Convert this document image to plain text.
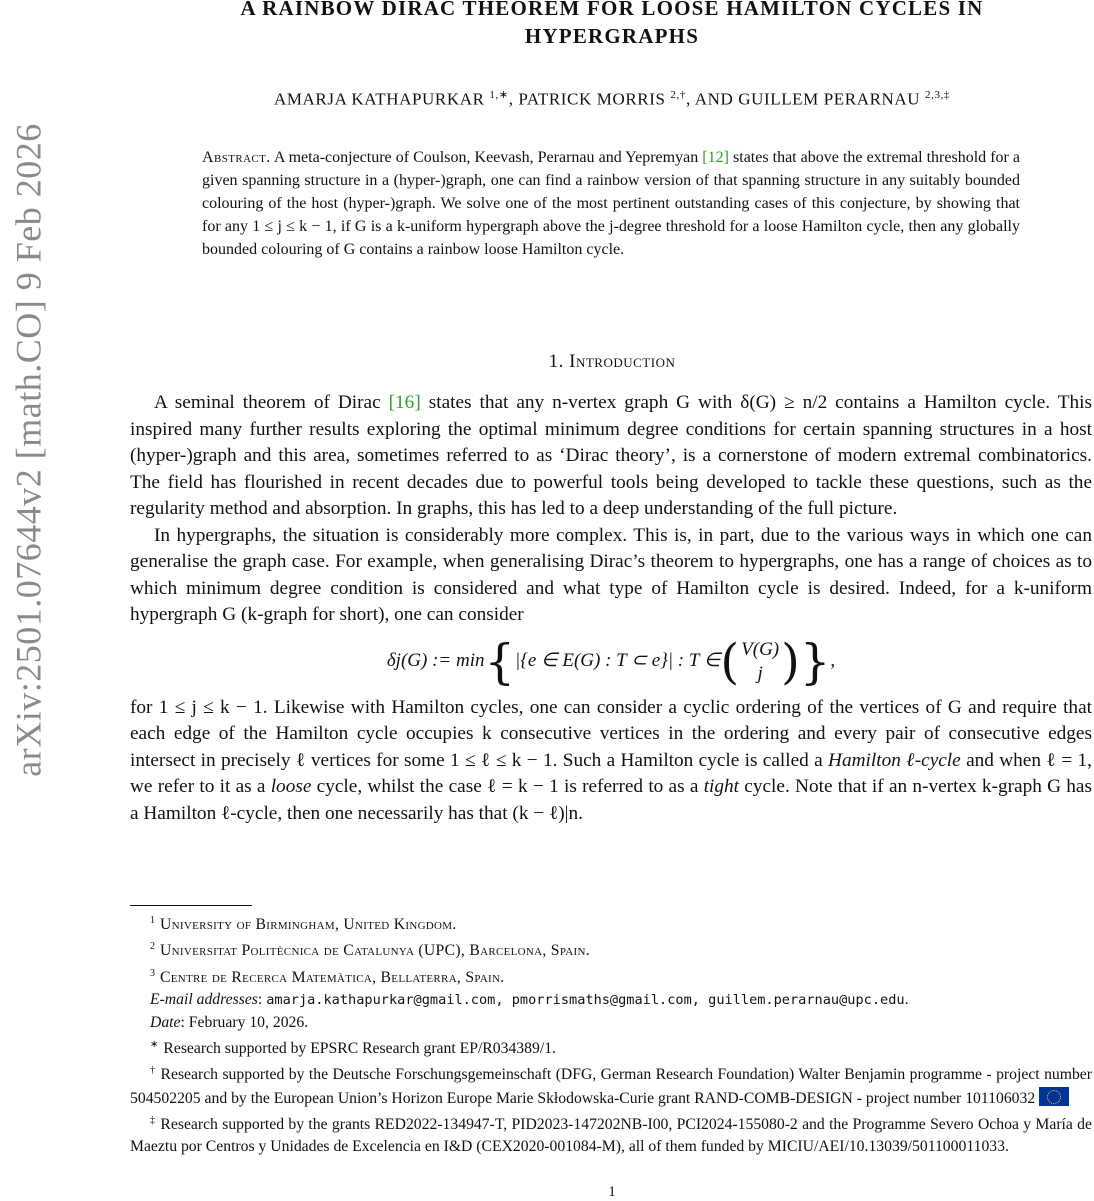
arXiv:2501.07644v2 [math.CO] 9 Feb 2026
A RAINBOW DIRAC THEOREM FOR LOOSE HAMILTON CYCLES IN
HYPERGRAPHS
AMARJA KATHAPURKAR $^{1,∗}$, PATRICK MORRIS $^{2,\dagger}$, AND GUILLEM PERARNAU $^{2,3,\ddagger}$
Abstract. A meta-conjecture of Coulson, Keevash, Perarnau and Yepremyan [12] states that above the extremal threshold for a given spanning structure in a (hyper-)graph, one can find a rainbow version of that spanning structure in any suitably bounded colouring of the host (hyper-)graph. We solve one of the most pertinent outstanding cases of this conjecture, by showing that for any 1 ≤ j ≤ k − 1, if G is a k-uniform hypergraph above the j-degree threshold for a loose Hamilton cycle, then any globally bounded colouring of G contains a rainbow loose Hamilton cycle.
1. Introduction

A seminal theorem of Dirac [16] states that any n-vertex graph G with δ(G) ≥ n/2 contains a Hamilton cycle. This inspired many further results exploring the optimal minimum degree conditions for certain spanning structures in a host (hyper-)graph and this area, sometimes referred to as ‘Dirac theory’, is a cornerstone of modern extremal combinatorics. The field has flourished in recent decades due to powerful tools being developed to tackle these questions, such as the regularity method and absorption. In graphs, this has led to a deep understanding of the full picture.

In hypergraphs, the situation is considerably more complex. This is, in part, due to the various ways in which one can generalise the graph case. For example, when generalising Dirac’s theorem to hypergraphs, one has a range of choices as to which minimum degree condition is considered and what type of Hamilton cycle is desired. Indeed, for a k-uniform hypergraph G (k-graph for short), one can consider

δj(G) := min { |{e ∈ E(G) : T ⊂ e}| : T ∈ ( V(G)
j ) } ,

for 1 ≤ j ≤ k − 1. Likewise with Hamilton cycles, one can consider a cyclic ordering of the vertices of G and require that each edge of the Hamilton cycle occupies k consecutive vertices in the ordering and every pair of consecutive edges intersect in precisely ℓ vertices for some 1 ≤ ℓ ≤ k − 1. Such a Hamilton cycle is called a Hamilton ℓ-cycle and when ℓ = 1, we refer to it as a loose cycle, whilst the case ℓ = k − 1 is referred to as a tight cycle. Note that if an n-vertex k-graph G has a Hamilton ℓ-cycle, then one necessarily has that (k − ℓ)|n.

$^1$ University of Birmingham, United Kingdom.
$^2$ Universitat Politècnica de Catalunya (UPC), Barcelona, Spain.
$^3$ Centre de Recerca Matemàtica, Bellaterra, Spain.
E-mail addresses: amarja.kathapurkar@gmail.com, pmorrismaths@gmail.com, guillem.perarnau@upc.edu.
Date: February 10, 2026.
∗ Research supported by EPSRC Research grant EP/R034389/1.
† Research supported by the Deutsche Forschungsgemeinschaft (DFG, German Research Foundation) Walter Benjamin programme - project number 504502205 and by the European Union’s Horizon Europe Marie Skłodowska-Curie grant RAND-COMB-DESIGN - project number 101106032
‡ Research supported by the grants RED2022-134947-T, PID2023-147202NB-I00, PCI2024-155080-2 and the Programme Severo Ochoa y María de Maeztu por Centros y Unidades de Excelencia en I&D (CEX2020-001084-M), all of them funded by MICIU/AEI/10.13039/501100011033.
1
